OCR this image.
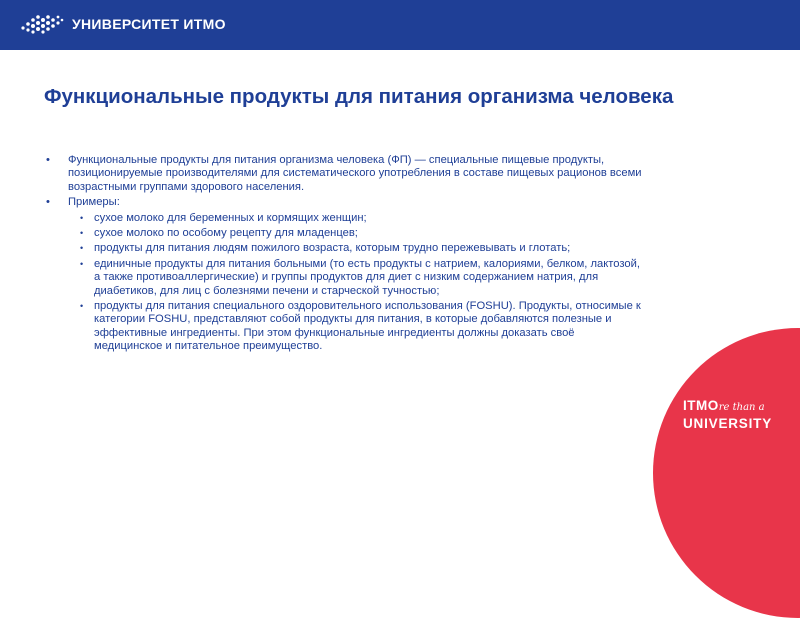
УНИВЕРСИТЕТ ИТМО
Функциональные продукты для питания организма человека
• Функциональные продукты для питания организма человека (ФП) — специальные пищевые продукты, позиционируемые производителями для систематического употребления в составе пищевых рационов всеми возрастными группами здорового населения.
• Примеры:
• сухое молоко для беременных и кормящих женщин;
• сухое молоко по особому рецепту для младенцев;
• продукты для питания людям пожилого возраста, которым трудно пережевывать и глотать;
• единичные продукты для питания больными (то есть продукты с натрием, калориями, белком, лактозой, а также противоаллергические) и группы продуктов для диет с низким содержанием натрия, для диабетиков, для лиц с болезнями печени и старческой тучностью;
• продукты для питания специального оздоровительного использования (FOSHU). Продукты, относимые к категории FOSHU, представляют собой продукты для питания, в которые добавляются полезные и эффективные ингредиенты. При этом функциональные ингредиенты должны доказать своё медицинское и питательное преимущество.
ITMOre than a
UNIVERSITY
